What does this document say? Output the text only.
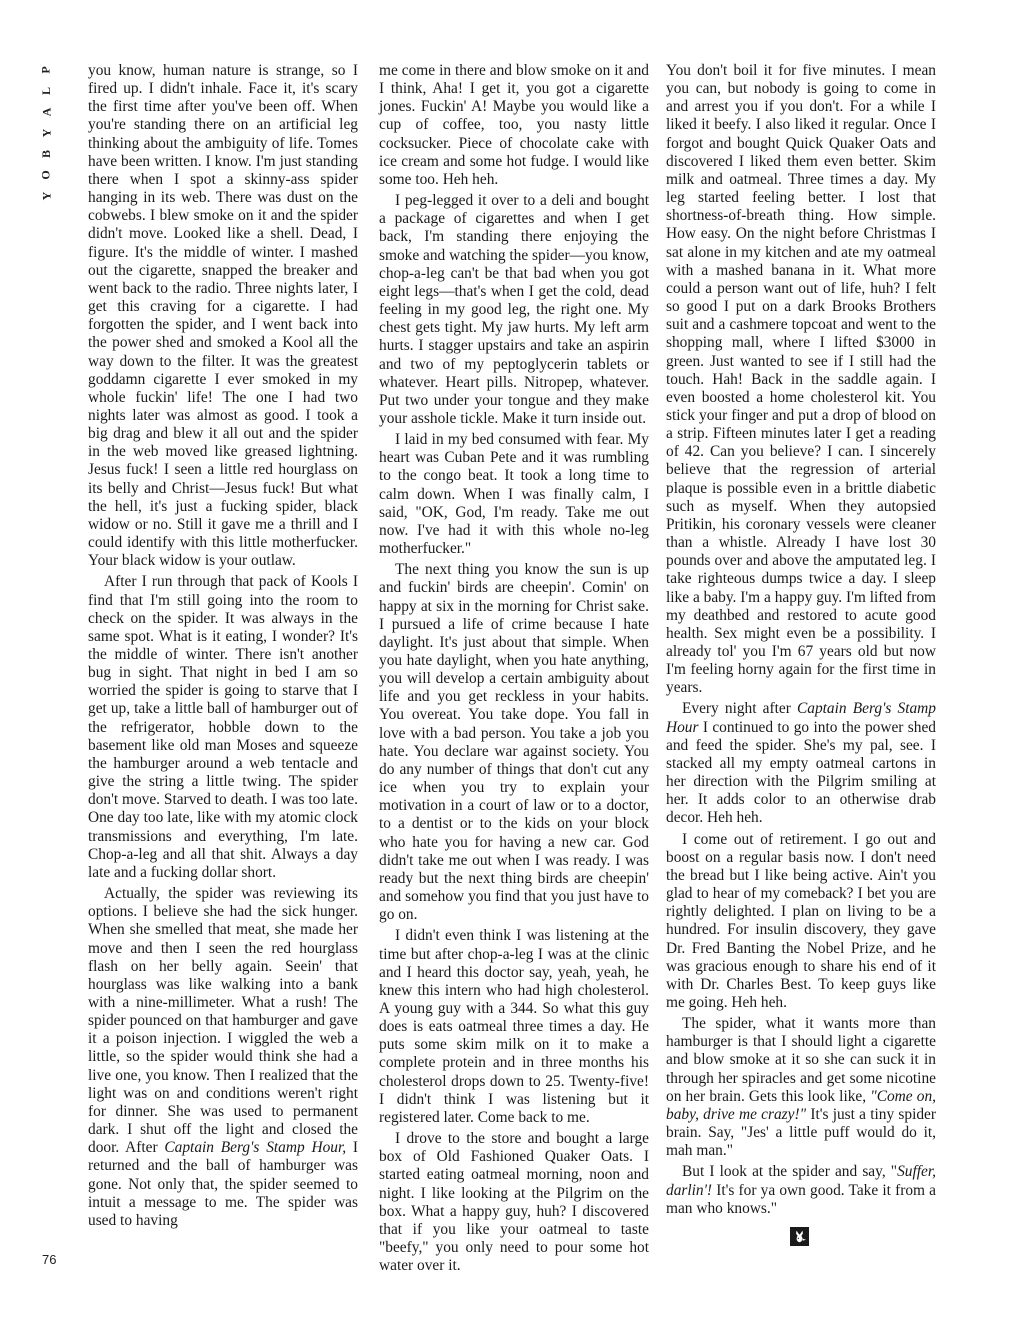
P
L
A
Y
B
O
Y

you know, human nature is strange, so I fired up. I didn't inhale. Face it, it's scary the first time after you've been off. When you're standing there on an artificial leg thinking about the ambiguity of life. Tomes have been written. I know. I'm just standing there when I spot a skinny-ass spider hanging in its web. There was dust on the cobwebs. I blew smoke on it and the spider didn't move. Looked like a shell. Dead, I figure. It's the middle of winter. I mashed out the cigarette, snapped the breaker and went back to the radio. Three nights later, I get this craving for a cigarette. I had forgotten the spider, and I went back into the power shed and smoked a Kool all the way down to the filter. It was the greatest goddamn cigarette I ever smoked in my whole fuckin' life! The one I had two nights later was almost as good. I took a big drag and blew it all out and the spider in the web moved like greased lightning. Jesus fuck! I seen a little red hourglass on its belly and Christ—Jesus fuck! But what the hell, it's just a fucking spider, black widow or no. Still it gave me a thrill and I could identify with this little motherfucker. Your black widow is your outlaw.

After I run through that pack of Kools I find that I'm still going into the room to check on the spider. It was always in the same spot. What is it eating, I wonder? It's the middle of winter. There isn't another bug in sight. That night in bed I am so worried the spider is going to starve that I get up, take a little ball of hamburger out of the refrigerator, hobble down to the basement like old man Moses and squeeze the hamburger around a web tentacle and give the string a little twing. The spider don't move. Starved to death. I was too late. One day too late, like with my atomic clock transmissions and everything, I'm late. Chop-a-leg and all that shit. Always a day late and a fucking dollar short.

Actually, the spider was reviewing its options. I believe she had the sick hunger. When she smelled that meat, she made her move and then I seen the red hourglass flash on her belly again. Seein' that hourglass was like walking into a bank with a nine-millimeter. What a rush! The spider pounced on that hamburger and gave it a poison injection. I wiggled the web a little, so the spider would think she had a live one, you know. Then I realized that the light was on and conditions weren't right for dinner. She was used to permanent dark. I shut off the light and closed the door. After Captain Berg's Stamp Hour, I returned and the ball of hamburger was gone. Not only that, the spider seemed to intuit a message to me. The spider was used to having

me come in there and blow smoke on it and I think, Aha! I get it, you got a cigarette jones. Fuckin' A! Maybe you would like a cup of coffee, too, you nasty little cocksucker. Piece of chocolate cake with ice cream and some hot fudge. I would like some too. Heh heh.

I peg-legged it over to a deli and bought a package of cigarettes and when I get back, I'm standing there enjoying the smoke and watching the spider—you know, chop-a-leg can't be that bad when you got eight legs—that's when I get the cold, dead feeling in my good leg, the right one. My chest gets tight. My jaw hurts. My left arm hurts. I stagger upstairs and take an aspirin and two of my peptoglycerin tablets or whatever. Heart pills. Nitropep, whatever. Put two under your tongue and they make your asshole tickle. Make it turn inside out.

I laid in my bed consumed with fear. My heart was Cuban Pete and it was rumbling to the congo beat. It took a long time to calm down. When I was finally calm, I said, "OK, God, I'm ready. Take me out now. I've had it with this whole no-leg motherfucker."

The next thing you know the sun is up and fuckin' birds are cheepin'. Comin' on happy at six in the morning for Christ sake. I pursued a life of crime because I hate daylight. It's just about that simple. When you hate daylight, when you hate anything, you will develop a certain ambiguity about life and you get reckless in your habits. You overeat. You take dope. You fall in love with a bad person. You take a job you hate. You declare war against society. You do any number of things that don't cut any ice when you try to explain your motivation in a court of law or to a doctor, to a dentist or to the kids on your block who hate you for having a new car. God didn't take me out when I was ready. I was ready but the next thing birds are cheepin' and somehow you find that you just have to go on.

I didn't even think I was listening at the time but after chop-a-leg I was at the clinic and I heard this doctor say, yeah, yeah, he knew this intern who had high cholesterol. A young guy with a 344. So what this guy does is eats oatmeal three times a day. He puts some skim milk on it to make a complete protein and in three months his cholesterol drops down to 25. Twenty-five! I didn't think I was listening but it registered later. Come back to me.

I drove to the store and bought a large box of Old Fashioned Quaker Oats. I started eating oatmeal morning, noon and night. I like looking at the Pilgrim on the box. What a happy guy, huh? I discovered that if you like your oatmeal to taste "beefy," you only need to pour some hot water over it.

You don't boil it for five minutes. I mean you can, but nobody is going to come in and arrest you if you don't. For a while I liked it beefy. I also liked it regular. Once I forgot and bought Quick Quaker Oats and discovered I liked them even better. Skim milk and oatmeal. Three times a day. My leg started feeling better. I lost that shortness-of-breath thing. How simple. How easy. On the night before Christmas I sat alone in my kitchen and ate my oatmeal with a mashed banana in it. What more could a person want out of life, huh? I felt so good I put on a dark Brooks Brothers suit and a cashmere topcoat and went to the shopping mall, where I lifted $3000 in green. Just wanted to see if I still had the touch. Hah! Back in the saddle again. I even boosted a home cholesterol kit. You stick your finger and put a drop of blood on a strip. Fifteen minutes later I get a reading of 42. Can you believe? I can. I sincerely believe that the regression of arterial plaque is possible even in a brittle diabetic such as myself. When they autopsied Pritikin, his coronary vessels were cleaner than a whistle. Already I have lost 30 pounds over and above the amputated leg. I take righteous dumps twice a day. I sleep like a baby. I'm a happy guy. I'm lifted from my deathbed and restored to acute good health. Sex might even be a possibility. I already tol' you I'm 67 years old but now I'm feeling horny again for the first time in years.

Every night after Captain Berg's Stamp Hour I continued to go into the power shed and feed the spider. She's my pal, see. I stacked all my empty oatmeal cartons in her direction with the Pilgrim smiling at her. It adds color to an otherwise drab decor. Heh heh.

I come out of retirement. I go out and boost on a regular basis now. I don't need the bread but I like being active. Ain't you glad to hear of my comeback? I bet you are rightly delighted. I plan on living to be a hundred. For insulin discovery, they gave Dr. Fred Banting the Nobel Prize, and he was gracious enough to share his end of it with Dr. Charles Best. To keep guys like me going. Heh heh.

The spider, what it wants more than hamburger is that I should light a cigarette and blow smoke at it so she can suck it in through her spiracles and get some nicotine on her brain. Gets this look like, "Come on, baby, drive me crazy!" It's just a tiny spider brain. Say, "Jes' a little puff would do it, mah man."

But I look at the spider and say, "Suffer, darlin'! It's for ya own good. Take it from a man who knows."

76
